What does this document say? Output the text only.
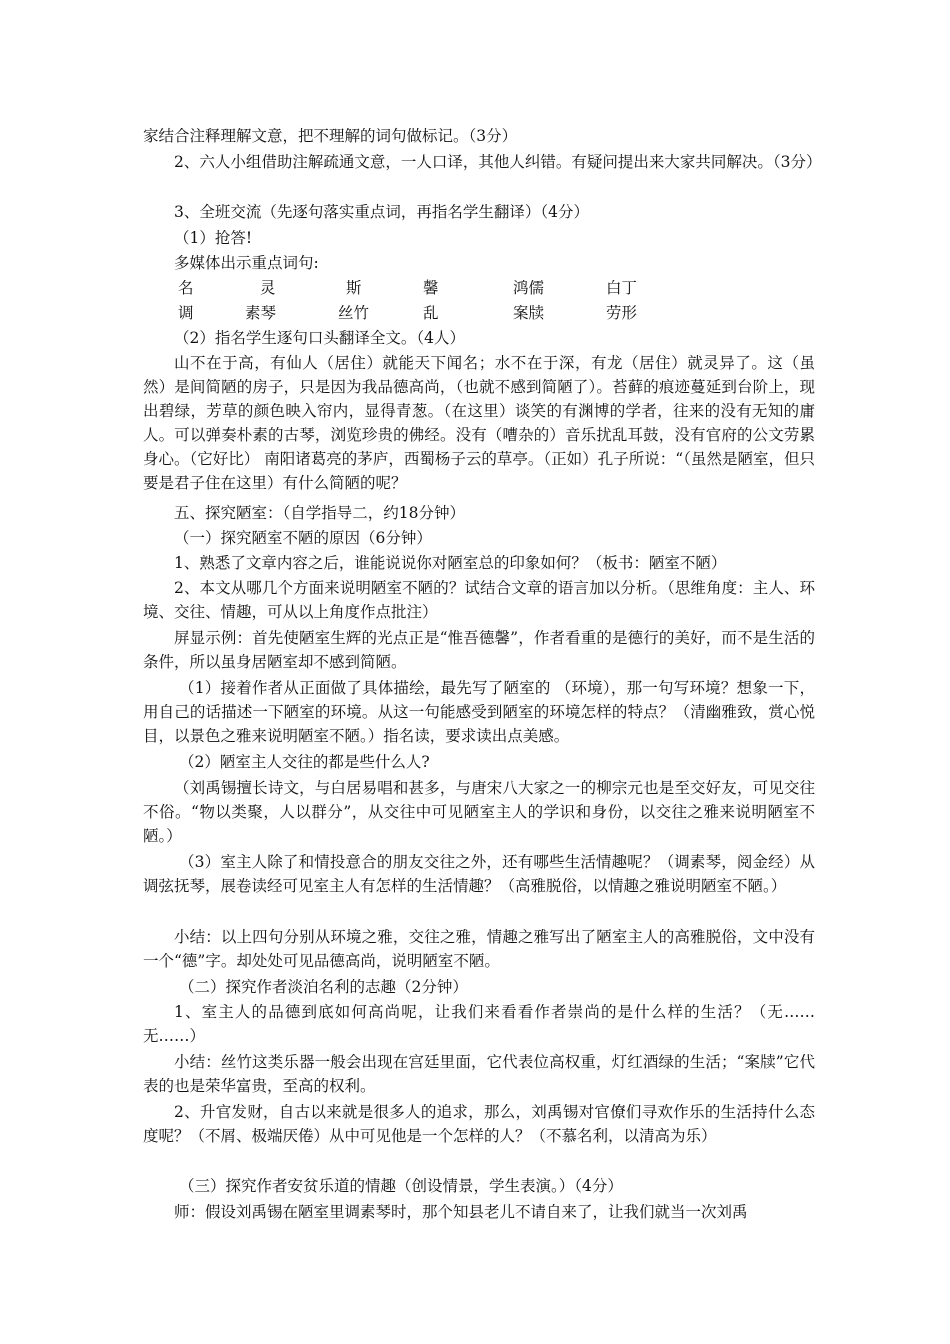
家结合注释理解文意，把不理解的词句做标记。（3分）
2、六人小组借助注解疏通文意，一人口译，其他人纠错。有疑问提出来大家共同解决。（3分）
3、全班交流（先逐句落实重点词，再指名学生翻译）（4分）
（1）抢答!
多媒体出示重点词句:
名	灵	斯	馨	鸿儒	白丁
调	素琴	丝竹	乱	案牍	劳形
（2）指名学生逐句口头翻译全文。（4人）
山不在于高，有仙人（居住）就能天下闻名；水不在于深，有龙（居住）就灵异了。这（虽然）是间简陋的房子，只是因为我品德高尚，（也就不感到简陋了）。苔藓的痕迹蔓延到台阶上，现出碧绿，芳草的颜色映入帘内，显得青葱。（在这里）谈笑的有渊博的学者，往来的没有无知的庸人。可以弹奏朴素的古琴，浏览珍贵的佛经。没有（嘈杂的）音乐扰乱耳鼓，没有官府的公文劳累身心。（它好比） 南阳诸葛亮的茅庐，西蜀杨子云的草亭。（正如）孔子所说：“（虽然是陋室，但只要是君子住在这里）有什么简陋的呢？
五、探究陋室：（自学指导二，约18分钟）
（一）探究陋室不陋的原因（6分钟）
1、熟悉了文章内容之后，谁能说说你对陋室总的印象如何？（板书：陋室不陋）
2、本文从哪几个方面来说明陋室不陋的？试结合文章的语言加以分析。（思维角度：主人、环境、交往、情趣，可从以上角度作点批注）
屏显示例：首先使陋室生辉的光点正是“惟吾德馨”，作者看重的是德行的美好，而不是生活的条件，所以虽身居陋室却不感到简陋。
（1）接着作者从正面做了具体描绘，最先写了陋室的 （环境），那一句写环境？想象一下，用自己的话描述一下陋室的环境。从这一句能感受到陋室的环境怎样的特点？（清幽雅致，赏心悦目，以景色之雅来说明陋室不陋。）指名读，要求读出点美感。
（2）陋室主人交往的都是些什么人?
（刘禹锡擅长诗文，与白居易唱和甚多，与唐宋八大家之一的柳宗元也是至交好友，可见交往不俗。“物以类聚，人以群分”，从交往中可见陋室主人的学识和身份，以交往之雅来说明陋室不陋。）
（3）室主人除了和情投意合的朋友交往之外，还有哪些生活情趣呢？（调素琴，阅金经）从调弦抚琴，展卷读经可见室主人有怎样的生活情趣？（高雅脱俗，以情趣之雅说明陋室不陋。）
小结：以上四句分别从环境之雅，交往之雅，情趣之雅写出了陋室主人的高雅脱俗，文中没有一个“德”字。却处处可见品德高尚，说明陋室不陋。
（二）探究作者淡泊名利的志趣（2分钟）
1、室主人的品德到底如何高尚呢，让我们来看看作者崇尚的是什么样的生活？（无……无……）
小结：丝竹这类乐器一般会出现在宫廷里面，它代表位高权重，灯红酒绿的生活；“案牍”它代表的也是荣华富贵，至高的权利。
2、升官发财，自古以来就是很多人的追求，那么，刘禹锡对官僚们寻欢作乐的生活持什么态度呢？（不屑、极端厌倦）从中可见他是一个怎样的人？（不慕名利，以清高为乐）
（三）探究作者安贫乐道的情趣（创设情景，学生表演。）（4分）
师：假设刘禹锡在陋室里调素琴时，那个知县老儿不请自来了，让我们就当一次刘禹
